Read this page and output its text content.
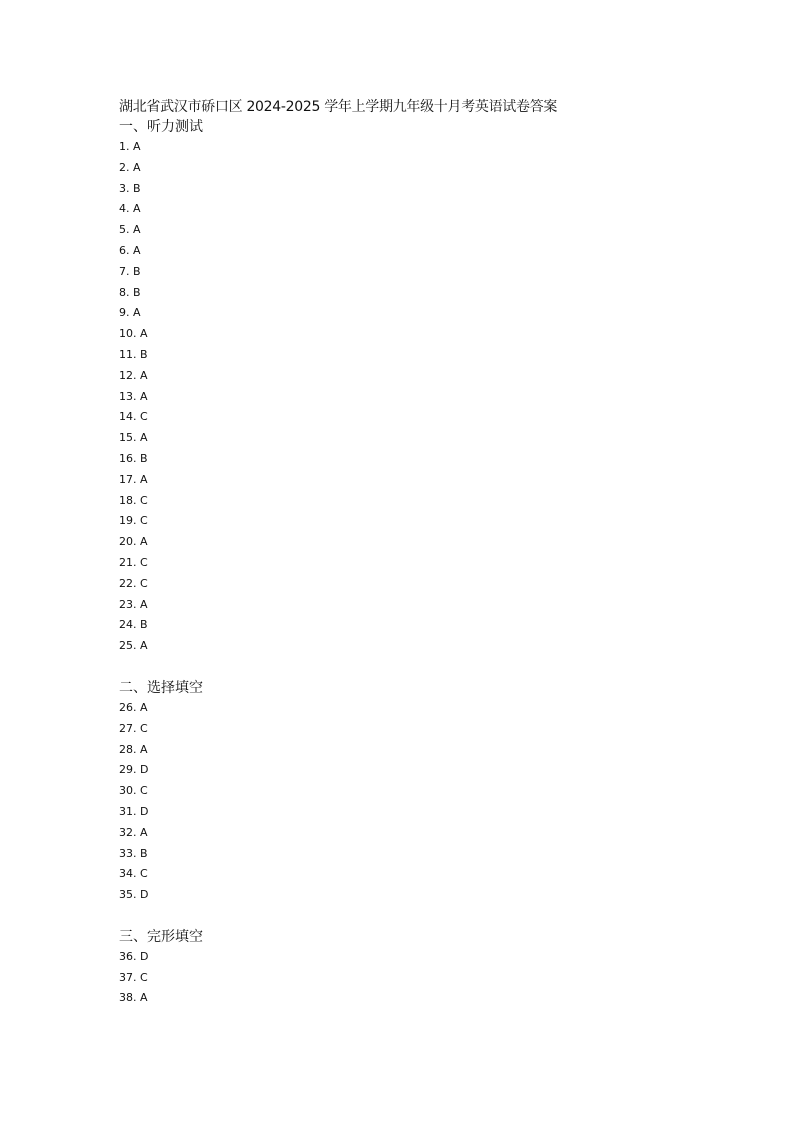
湖北省武汉市硚口区 2024-2025 学年上学期九年级十月考英语试卷答案
一、听力测试
1. A
2. A
3. B
4. A
5. A
6. A
7. B
8. B
9. A
10. A
11. B
12. A
13. A
14. C
15. A
16. B
17. A
18. C
19. C
20. A
21. C
22. C
23. A
24. B
25. A
二、选择填空
26. A
27. C
28. A
29. D
30. C
31. D
32. A
33. B
34. C
35. D
三、完形填空
36. D
37. C
38. A
